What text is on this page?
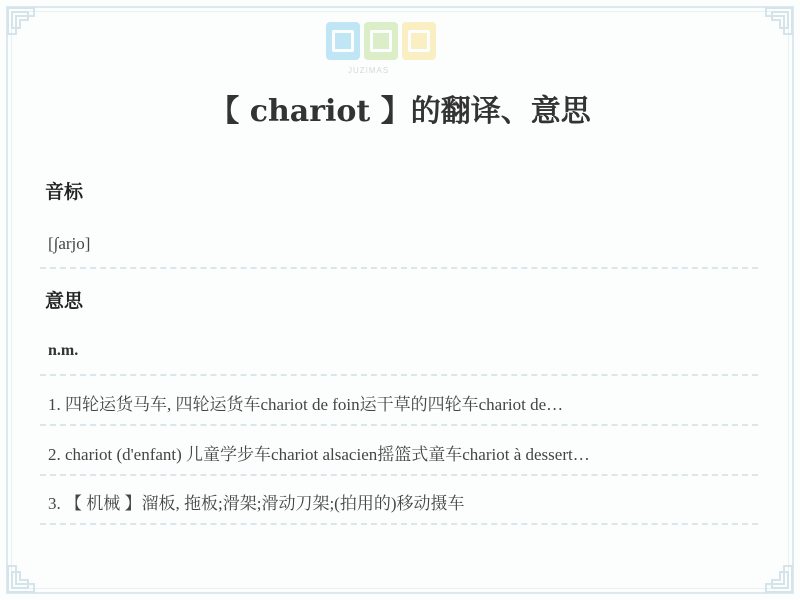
JUZIMAS
【 chariot 】的翻译、意思
音标
[∫arjo]
意思
n.m.
1. 四轮运货马车, 四轮运货车chariot de foin运干草的四轮车chariot de…
2. chariot (d'enfant) 儿童学步车chariot alsacien摇篮式童车chariot à dessert…
3. 【 机械 】溜板, 拖板;滑架;滑动刀架;(拍用的)移动摄车
